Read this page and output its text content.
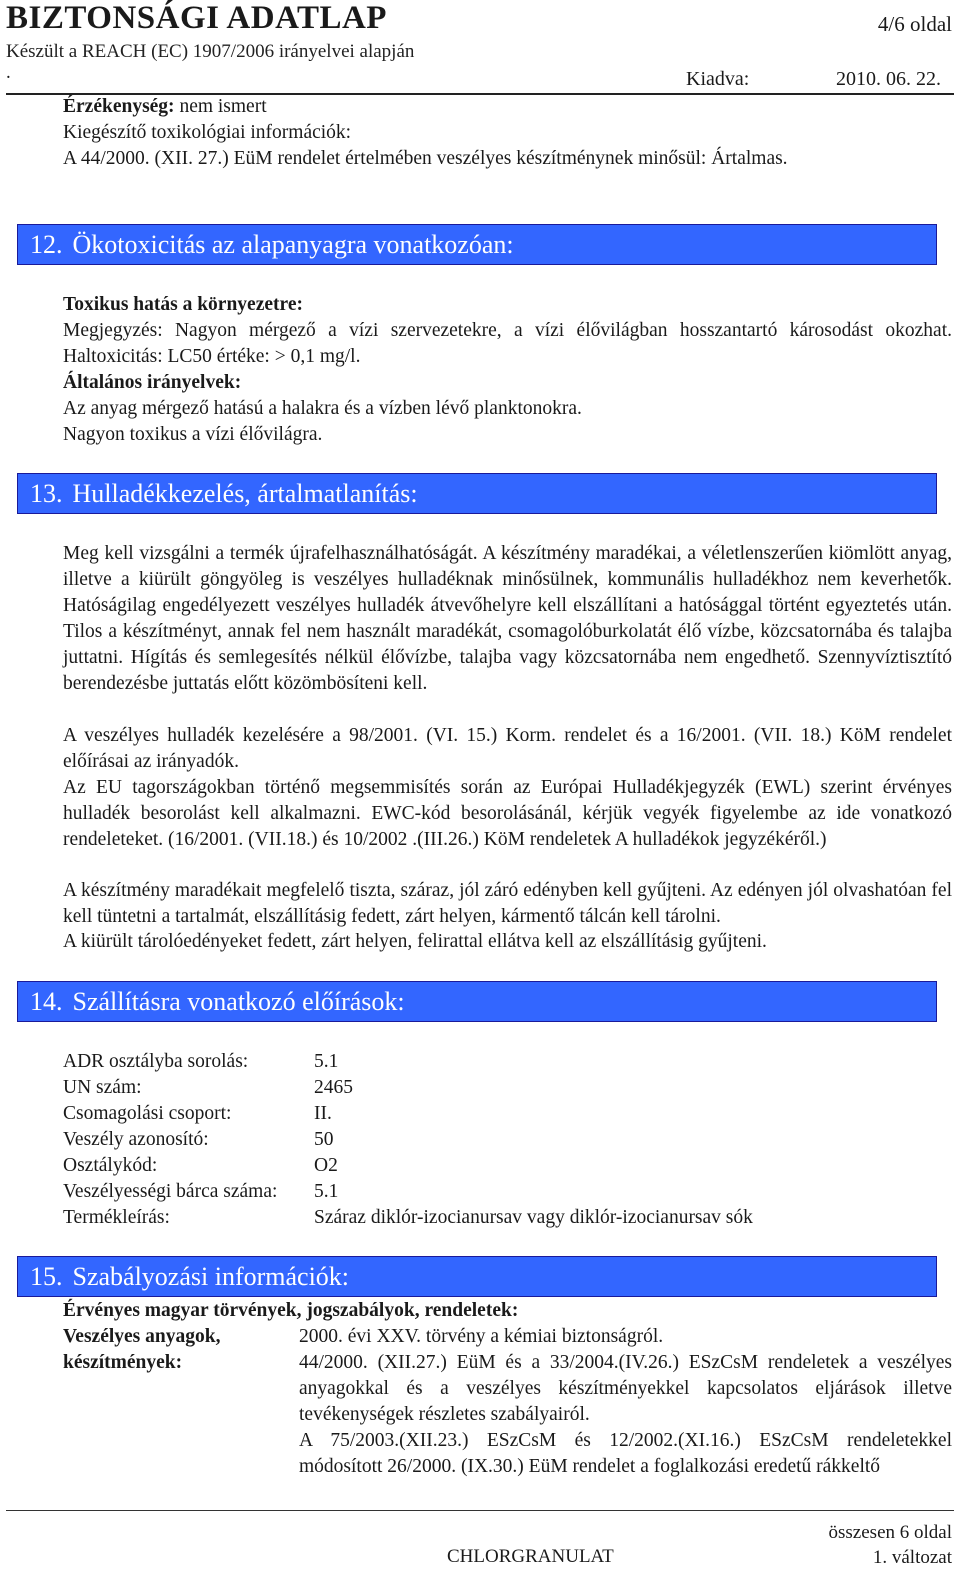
BIZTONSÁGI ADATLAP
Készült a REACH (EC) 1907/2006 irányelvei alapján
4/6 oldal
.	Kiadva:	2010. 06. 22.
Érzékenység: nem ismert
Kiegészítő toxikológiai információk:
A 44/2000. (XII. 27.) EüM rendelet értelmében veszélyes készítménynek minősül: Ártalmas.
12. Ökotoxicitás az alapanyagra vonatkozóan:
Toxikus hatás a környezetre:
Megjegyzés: Nagyon mérgező a vízi szervezetekre, a vízi élővilágban hosszantartó károsodást okozhat. Haltoxicitás: LC50 értéke: > 0,1 mg/l.
Általános irányelvek:
Az anyag mérgező hatású a halakra és a vízben lévő planktonokra.
Nagyon toxikus a vízi élővilágra.
13. Hulladékkezelés, ártalmatlanítás:
Meg kell vizsgálni a termék újrafelhasználhatóságát. A készítmény maradékai, a véletlenszerűen kiömlött anyag, illetve a kiürült göngyöleg is veszélyes hulladéknak minősülnek, kommunális hulladékhoz nem keverhetők. Hatóságilag engedélyezett veszélyes hulladék átvevőhelyre kell elszállítani a hatósággal történt egyeztetés után. Tilos a készítményt, annak fel nem használt maradékát, csomagolóburkolatát élő vízbe, közcsatornába és talajba juttatni. Hígítás és semlegesítés nélkül élővízbe, talajba vagy közcsatornába nem engedhető. Szennyvíztisztító berendezésbe juttatás előtt közömbösíteni kell.
A veszélyes hulladék kezelésére a 98/2001. (VI. 15.) Korm. rendelet és a 16/2001. (VII. 18.) KöM rendelet előírásai az irányadók.
Az EU tagországokban történő megsemmisítés során az Európai Hulladékjegyzék (EWL) szerint érvényes hulladék besorolást kell alkalmazni. EWC-kód besorolásánál, kérjük vegyék figyelembe az ide vonatkozó rendeleteket. (16/2001. (VII.18.) és 10/2002 .(III.26.) KöM rendeletek A hulladékok jegyzékéről.)
A készítmény maradékait megfelelő tiszta, száraz, jól záró edényben kell gyűjteni. Az edényen jól olvashatóan fel kell tüntetni a tartalmát, elszállításig fedett, zárt helyen, kármentő tálcán kell tárolni.
A kiürült tárolóedényeket fedett, zárt helyen, felirattal ellátva kell az elszállításig gyűjteni.
14. Szállításra vonatkozó előírások:
ADR osztályba sorolás:	5.1
UN szám:	2465
Csomagolási csoport:	II.
Veszély azonosító:	50
Osztálykód:	O2
Veszélyességi bárca száma: 5.1
Termékleírás:	Száraz diklór-izocianursav vagy diklór-izocianursav sók
15. Szabályozási információk:
Érvényes magyar törvények, jogszabályok, rendeletek:
Veszélyes anyagok,
készítmények:
2000. évi XXV. törvény a kémiai biztonságról.
44/2000. (XII.27.) EüM és a 33/2004.(IV.26.) ESzCsM rendeletek a veszélyes anyagokkal és a veszélyes készítményekkel kapcsolatos eljárások illetve tevékenységek részletes szabályairól.
A 75/2003.(XII.23.) ESzCsM és 12/2002.(XI.16.) ESzCsM rendeletekkel módosított 26/2000. (IX.30.) EüM rendelet a foglalkozási eredetű rákkeltő
összesen 6 oldal
CHLORGRANULAT	1. változat
